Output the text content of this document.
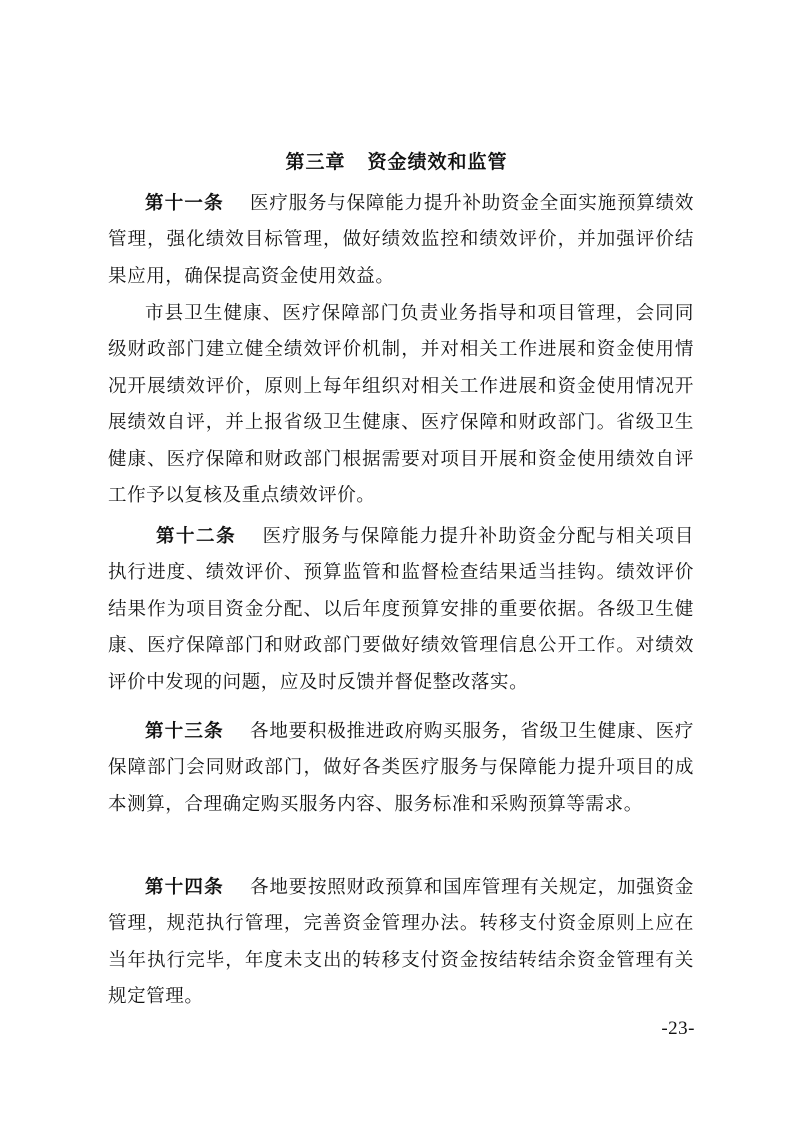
第三章 资金绩效和监管

第十一条 医疗服务与保障能力提升补助资金全面实施预算绩效管理，强化绩效目标管理，做好绩效监控和绩效评价，并加强评价结果应用，确保提高资金使用效益。

市县卫生健康、医疗保障部门负责业务指导和项目管理，会同同级财政部门建立健全绩效评价机制，并对相关工作进展和资金使用情况开展绩效评价，原则上每年组织对相关工作进展和资金使用情况开展绩效自评，并上报省级卫生健康、医疗保障和财政部门。省级卫生健康、医疗保障和财政部门根据需要对项目开展和资金使用绩效自评工作予以复核及重点绩效评价。

第十二条 医疗服务与保障能力提升补助资金分配与相关项目执行进度、绩效评价、预算监管和监督检查结果适当挂钩。绩效评价结果作为项目资金分配、以后年度预算安排的重要依据。各级卫生健康、医疗保障部门和财政部门要做好绩效管理信息公开工作。对绩效评价中发现的问题，应及时反馈并督促整改落实。

第十三条 各地要积极推进政府购买服务，省级卫生健康、医疗保障部门会同财政部门，做好各类医疗服务与保障能力提升项目的成本测算，合理确定购买服务内容、服务标准和采购预算等需求。

第十四条 各地要按照财政预算和国库管理有关规定，加强资金管理，规范执行管理，完善资金管理办法。转移支付资金原则上应在当年执行完毕，年度未支出的转移支付资金按结转结余资金管理有关规定管理。

-23-
